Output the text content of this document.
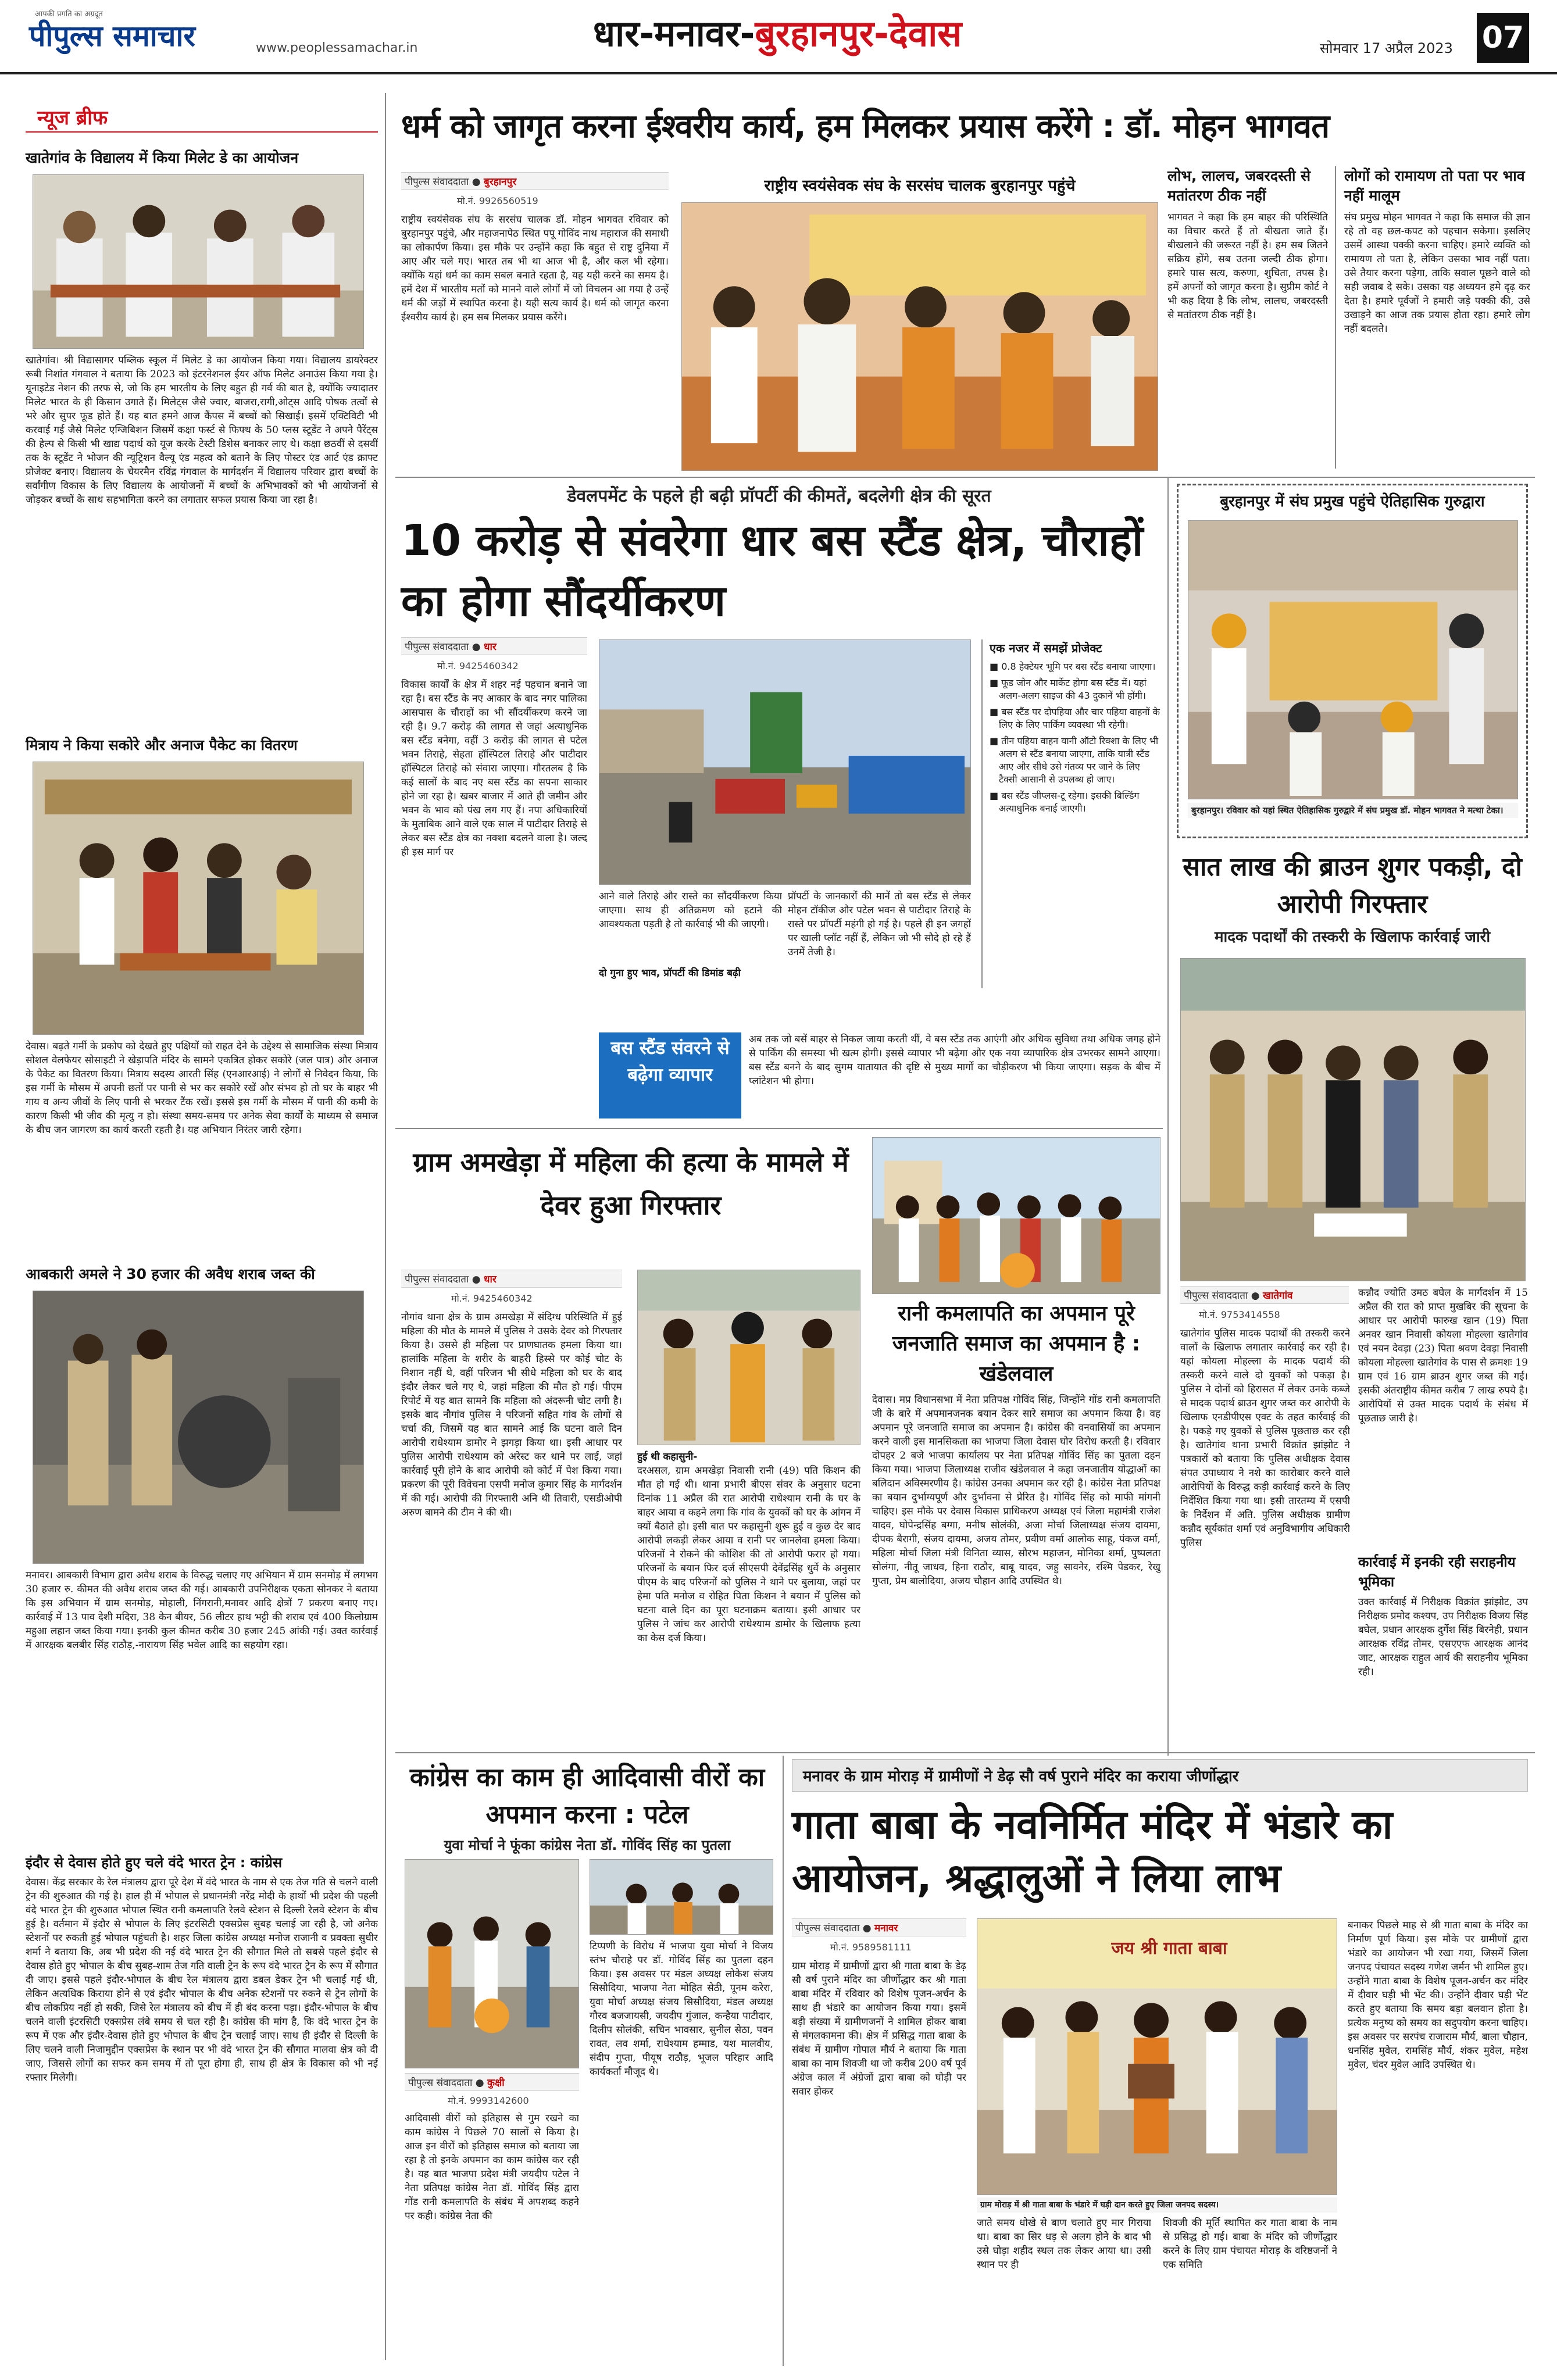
आपकी प्रगति का अग्रदूत
पीपुल्स समाचार	www.peoplessamachar.in	धार-मनावर-बुरहानपुर-देवास	सोमवार 17 अप्रैल 2023 07
न्यूज ब्रीफ
खातेगांव के विद्यालय में किया मिलेट डे का आयोजन
खातेगांव। श्री विद्यासागर पब्लिक स्कूल में मिलेट डे का आयोजन किया गया। विद्यालय डायरेक्टर रूबी निशांत गंगवाल ने बताया कि 2023 को इंटरनेशनल ईयर ऑफ मिलेट अनाउंस किया गया है। यूनाइटेड नेशन की तरफ से, जो कि हम भारतीय के लिए बहुत ही गर्व की बात है, क्योंकि ज्यादातर मिलेट भारत के ही किसान उगाते हैं। मिलेट्स जैसे ज्वार, बाजरा,रागी,ओट्स आदि पोषक तत्वों से भरे और सुपर फूड होते हैं। यह बात हमने आज कैंपस में बच्चों को सिखाई। इसमें एक्टिविटी भी करवाई गई जैसे मिलेट एग्जिबिशन जिसमें कक्षा फर्स्ट से फिफ्थ के 50 प्लस स्टूडेंट ने अपने पैरेंट्स की हेल्प से किसी भी खाद्य पदार्थ को यूज करके टेस्टी डिशेस बनाकर लाए थे। कक्षा छठवीं से दसवीं तक के स्टूडेंट ने भोजन की न्यूट्रिशन वैल्यू एंड महत्व को बताने के लिए पोस्टर एंड आर्ट एंड क्राफ्ट प्रोजेक्ट बनाए। विद्यालय के चेयरमैन रविंद्र गंगवाल के मार्गदर्शन में विद्यालय परिवार द्वारा बच्चों के सर्वांगीण विकास के लिए विद्यालय के आयोजनों में बच्चों के अभिभावकों को भी आयोजनों से जोड़कर बच्चों के साथ सहभागिता करने का लगातार सफल प्रयास किया जा रहा है।
मित्राय ने किया सकोरे और अनाज पैकेट का वितरण
देवास। बढ़ते गर्मी के प्रकोप को देखते हुए पक्षियों को राहत देने के उद्देश्य से सामाजिक संस्था मित्राय सोशल वेलफेयर सोसाइटी ने खेड़ापति मंदिर के सामने एकत्रित होकर सकोरे (जल पात्र) और अनाज के पैकेट का वितरण किया। मित्राय सदस्य आरती सिंह (एनआरआई) ने लोगों से निवेदन किया, कि इस गर्मी के मौसम में अपनी छतों पर पानी से भर कर सकोरे रखें और संभव हो तो घर के बाहर भी गाय व अन्य जीवों के लिए पानी से भरकर टैंक रखें। इससे इस गर्मी के मौसम में पानी की कमी के कारण किसी भी जीव की मृत्यु न हो। संस्था समय-समय पर अनेक सेवा कार्यों के माध्यम से समाज के बीच जन जागरण का कार्य करती रहती है। यह अभियान निरंतर जारी रहेगा।
आबकारी अमले ने 30 हजार की अवैध शराब जब्त की
मनावर। आबकारी विभाग द्वारा अवैध शराब के विरुद्ध चलाए गए अभियान में ग्राम सनमोड़ में लगभग 30 हजार रु. कीमत की अवैध शराब जब्त की गई। आबकारी उपनिरीक्षक एकता सोनकर ने बताया कि इस अभियान में ग्राम सनमोड़, मोहाली, निंगरानी,मनावर आदि क्षेत्रों 7 प्रकरण बनाए गए। कार्रवाई में 13 पाव देशी मदिरा, 38 केन बीयर, 56 लीटर हाथ भट्टी की शराब एवं 400 किलोग्राम महुआ लहान जब्त किया गया। इनकी कुल कीमत करीब 30 हजार 245 आंकी गई। उक्त कार्रवाई में आरक्षक बलबीर सिंह राठौड़,-नारायण सिंह भवेल आदि का सहयोग रहा।
इंदौर से देवास होते हुए चले वंदे भारत ट्रेन : कांग्रेस
देवास। केंद्र सरकार के रेल मंत्रालय द्वारा पूरे देश में वंदे भारत के नाम से एक तेज गति से चलने वाली ट्रेन की शुरुआत की गई है। हाल ही में भोपाल से प्रधानमंत्री नरेंद्र मोदी के हाथों भी प्रदेश की पहली वंदे भारत ट्रेन की शुरुआत भोपाल स्थित रानी कमलापति रेलवे स्टेशन से दिल्ली रेलवे स्टेशन के बीच हुई है। वर्तमान में इंदौर से भोपाल के लिए इंटरसिटी एक्सप्रेस सुबह चलाई जा रही है, जो अनेक स्टेशनों पर रुकती हुई भोपाल पहुंचती है। शहर जिला कांग्रेस अध्यक्ष मनोज राजानी व प्रवक्ता सुधीर शर्मा ने बताया कि, अब भी प्रदेश की नई वंदे भारत ट्रेन की सौगात मिले तो सबसे पहले इंदौर से देवास होते हुए भोपाल के बीच सुबह-शाम तेज गति वाली ट्रेन के रूप वंदे भारत ट्रेन के रूप में सौगात दी जाए। इससे पहले इंदौर-भोपाल के बीच रेल मंत्रालय द्वारा डबल डेकर ट्रेन भी चलाई गई थी, लेकिन अत्यधिक किराया होने से एवं इंदौर भोपाल के बीच अनेक स्टेशनों पर रुकने से ट्रेन लोगों के बीच लोकप्रिय नहीं हो सकी, जिसे रेल मंत्रालय को बीच में ही बंद करना पड़ा। इंदौर-भोपाल के बीच चलने वाली इंटरसिटी एक्सप्रेस लंबे समय से चल रही है। कांग्रेस की मांग है, कि वंदे भारत ट्रेन के रूप में एक और इंदौर-देवास होते हुए भोपाल के बीच ट्रेन चलाई जाए। साथ ही इंदौर से दिल्ली के लिए चलने वाली निजामुद्दीन एक्सप्रेस के स्थान पर भी वंदे भारत ट्रेन की सौगात मालवा क्षेत्र को दी जाए, जिससे लोगों का सफर कम समय में तो पूरा होगा ही, साथ ही क्षेत्र के विकास को भी नई रफ्तार मिलेगी।
धर्म को जागृत करना ईश्वरीय कार्य, हम मिलकर प्रयास करेंगे : डॉ. मोहन भागवत
पीपुल्स संवाददाता ● बुरहानपुर
मो.नं. 9926560519
राष्ट्रीय स्वयंसेवक संघ के सरसंघ चालक डॉ. मोहन भागवत रविवार को बुरहानपुर पहुंचे, और महाजनापेठ स्थित पपू गोविंद नाथ महाराज की समाधी का लोकार्पण किया। इस मौके पर उन्होंने कहा कि बहुत से राष्ट्र दुनिया में आए और चले गए। भारत तब भी था आज भी है, और कल भी रहेगा। क्योंकि यहां धर्म का काम सबल बनाते रहता है, यह यही करने का समय है। हमें देश में भारतीय मतों को मानने वाले लोगों में जो विचलन आ गया है उन्हें धर्म की जड़ों में स्थापित करना है। यही सत्य कार्य है। धर्म को जागृत करना ईश्वरीय कार्य है। हम सब मिलकर प्रयास करेंगे।
राष्ट्रीय स्वयंसेवक संघ के सरसंघ चालक बुरहानपुर पहुंचे
लोभ, लालच, जबरदस्ती से मतांतरण ठीक नहीं
भागवत ने कहा कि हम बाहर की परिस्थिति का विचार करते हैं तो बीखता जाते हैं। बीखलाने की जरूरत नहीं है। हम सब जितने सक्रिय होंगे, सब उतना जल्दी ठीक होगा। हमारे पास सत्य, करुणा, शुचिता, तपस है। हमें अपनों को जागृत करना है। सुप्रीम कोर्ट ने भी कह दिया है कि लोभ, लालच, जबरदस्ती से मतांतरण ठीक नहीं है।
लोगों को रामायण तो पता पर भाव नहीं मालूम
संघ प्रमुख मोहन भागवत ने कहा कि समाज की ज्ञान रहे तो वह छल-कपट को पहचान सकेगा। इसलिए उसमें आस्था पक्की करना चाहिए। हमारे व्यक्ति को रामायण तो पता है, लेकिन उसका भाव नहीं पता। उसे तैयार करना पड़ेगा, ताकि सवाल पूछने वाले को सही जवाब दे सके। उसका यह अध्ययन हमे दृढ़ कर देता है। हमारे पूर्वजों ने हमारी जड़े पक्की की, उसे उखाड़ने का आज तक प्रयास होता रहा। हमारे लोग नहीं बदलते।
डेवलपमेंट के पहले ही बढ़ी प्रॉपर्टी की कीमतें, बदलेगी क्षेत्र की सूरत
10 करोड़ से संवरेगा धार बस स्टैंड क्षेत्र, चौराहों का होगा सौंदर्यीकरण
पीपुल्स संवाददाता ● धार
मो.नं. 9425460342
विकास कार्यों के क्षेत्र में शहर नई पहचान बनाने जा रहा है। बस स्टैंड के नए आकार के बाद नगर पालिका आसपास के चौराहों का भी सौंदर्यीकरण करने जा रही है। 9.7 करोड़ की लागत से जहां अत्याधुनिक बस स्टैंड बनेगा, वहीं 3 करोड़ की लागत से पटेल भवन तिराहे, सेहता हॉस्पिटल तिराहे और पाटीदार हॉस्पिटल तिराहे को संवारा जाएगा। गौरतलब है कि कई सालों के बाद नए बस स्टैंड का सपना साकार होने जा रहा है। खबर बाजार में आते ही जमीन और भवन के भाव को पंख लग गए हैं। नपा अधिकारियों के मुताबिक आने वाले एक साल में पाटीदार तिराहे से लेकर बस स्टैंड क्षेत्र का नक्शा बदलने वाला है। जल्द ही इस मार्ग पर
आने वाले तिराहे और रास्ते का सौंदर्यीकरण किया जाएगा। साथ ही अतिक्रमण को हटाने की आवश्यकता पड़ती है तो कार्रवाई भी की जाएगी।
दो गुना हुए भाव, प्रॉपर्टी की डिमांड बढ़ी
प्रॉपर्टी के जानकारों की मानें तो बस स्टैंड से लेकर मोहन टॉकीज और पटेल भवन से पाटीदार तिराहे के रास्ते पर प्रॉपर्टी महंगी हो गई है। पहले ही इन जगहों पर खाली प्लॉट नहीं हैं, लेकिन जो भी सौदे हो रहे हैं उनमें तेजी है।
एक नजर में समझें प्रोजेक्ट
■ 0.8 हेक्टेयर भूमि पर बस स्टैंड बनाया जाएगा।
■ फूड जोन और मार्केट होगा बस स्टैंड में। यहां अलग-अलग साइज की 43 दुकानें भी होंगी।
■ बस स्टैंड पर दोपहिया और चार पहिया वाहनों के लिए के लिए पार्किंग व्यवस्था भी रहेगी।
■ तीन पहिया वाहन यानी ऑटो रिक्शा के लिए भी अलग से स्टैंड बनाया जाएगा, ताकि यात्री स्टैंड आए और सीधे उसे गंतव्य पर जाने के लिए टैक्सी आसानी से उपलब्ध हो जाए।
■ बस स्टैंड जीप्लस-टू रहेगा। इसकी बिल्डिंग अत्याधुनिक बनाई जाएगी।
बस स्टैंड संवरने से बढ़ेगा व्यापार
अब तक जो बसें बाहर से निकल जाया करती थीं, वे बस स्टैंड तक आएंगी और अधिक सुविधा तथा अधिक जगह होने से पार्किंग की समस्या भी खत्म होगी। इससे व्यापार भी बढ़ेगा और एक नया व्यापारिक क्षेत्र उभरकर सामने आएगा। बस स्टैंड बनने के बाद सुगम यातायात की दृष्टि से मुख्य मार्गों का चौड़ीकरण भी किया जाएगा। सड़क के बीच में प्लांटेशन भी होगा।
बुरहानपुर में संघ प्रमुख पहुंचे ऐतिहासिक गुरुद्वारा
बुरहानपुर। रविवार को यहां स्थित ऐतिहासिक गुरुद्वारे में संघ प्रमुख डॉ. मोहन भागवत ने मत्था टेका।
सात लाख की ब्राउन शुगर पकड़ी, दो आरोपी गिरफ्तार
मादक पदार्थों की तस्करी के खिलाफ कार्रवाई जारी
पीपुल्स संवाददाता ● खातेगांव
मो.नं. 9753414558
खातेगांव पुलिस मादक पदार्थों की तस्करी करने वालों के खिलाफ लगातार कार्रवाई कर रही है। यहां कोयला मोहल्ला के मादक पदार्थ की तस्करी करने वाले दो युवकों को पकड़ा है। पुलिस ने दोनों को हिरासत में लेकर उनके कब्जे से मादक पदार्थ ब्राउन शुगर जब्त कर आरोपी के खिलाफ एनडीपीएस एक्ट के तहत कार्रवाई की है। पकड़े गए युवकों से पुलिस पूछताछ कर रही है। खातेगांव थाना प्रभारी विक्रांत झांझोट ने पत्रकारों को बताया कि पुलिस अधीक्षक देवास संपत उपाध्याय ने नशे का कारोबार करने वाले आरोपियों के विरुद्ध कड़ी कार्रवाई करने के लिए निर्देशित किया गया था। इसी तारतम्य में एसपी के निर्देशन में अति. पुलिस अधीक्षक ग्रामीण कन्नौद सूर्यकांत शर्मा एवं अनुविभागीय अधिकारी पुलिस
कन्नौद ज्योति उमठ बघेल के मार्गदर्शन में 15 अप्रैल की रात को प्राप्त मुखबिर की सूचना के आधार पर आरोपी फारुख खान (19) पिता अनवर खान निवासी कोयला मोहल्ला खातेगांव एवं नयन देवड़ा (23) पिता श्रवण देवड़ा निवासी कोयला मोहल्ला खातेगांव के पास से क्रमशः 19 ग्राम एवं 16 ग्राम ब्राउन शुगर जब्त की गई। इसकी अंतराष्ट्रीय कीमत करीब 7 लाख रुपये है। आरोपियों से उक्त मादक पदार्थ के संबंध में पूछताछ जारी है।
कार्रवाई में इनकी रही सराहनीय भूमिका
उक्त कार्रवाई में निरीक्षक विक्रांत झांझोट, उप निरीक्षक प्रमोद कश्यप, उप निरीक्षक विजय सिंह बघेल, प्रधान आरक्षक दुर्गेश सिंह बिरनेही, प्रधान आरक्षक रविंद्र तोमर, एसएएफ आरक्षक आनंद जाट, आरक्षक राहुल आर्य की सराहनीय भूमिका रही।
ग्राम अमखेड़ा में महिला की हत्या के मामले में देवर हुआ गिरफ्तार
पीपुल्स संवाददाता ● धार
मो.नं. 9425460342
नौगांव थाना क्षेत्र के ग्राम अमखेड़ा में संदिग्ध परिस्थिति में हुई महिला की मौत के मामले में पुलिस ने उसके देवर को गिरफ्तार किया है। उससे ही महिला पर प्राणघातक हमला किया था। हालांकि महिला के शरीर के बाहरी हिस्से पर कोई चोट के निशान नहीं थे, वहीं परिजन भी सीधे महिला को घर के बाद इंदौर लेकर चले गए थे, जहां महिला की मौत हो गई। पीएम रिपोर्ट में यह बात सामने कि महिला को अंदरूनी चोट लगी है। इसके बाद नौगांव पुलिस ने परिजनों सहित गांव के लोगों से चर्चा की, जिसमें यह बात सामने आई कि घटना वाले दिन आरोपी राधेश्याम डामोर ने झगड़ा किया था। इसी आधार पर पुलिस आरोपी राधेश्याम को अरेस्ट कर थाने पर लाई, जहां कार्रवाई पूरी होने के बाद आरोपी को कोर्ट में पेश किया गया। प्रकरण की पूरी विवेचना एसपी मनोज कुमार सिंह के मार्गदर्शन में की गई। आरोपी की गिरफ्तारी अनि थी तिवारी, एसडीओपी अरुण बामने की टीम ने की थी।
हुई थी कहासुनी-
दरअसल, ग्राम अमखेड़ा निवासी रानी (49) पति किशन की मौत हो गई थी। थाना प्रभारी बीएस संवर के अनुसार घटना दिनांक 11 अप्रैल की रात आरोपी राधेश्याम रानी के घर के बाहर आया व कहने लगा कि गांव के युवकों को घर के आंगन में क्यों बैठाते हो। इसी बात पर कहासुनी शुरू हुई व कुछ देर बाद आरोपी लकड़ी लेकर आया व रानी पर जानलेवा हमला किया। परिजनों ने रोकने की कोशिश की तो आरोपी फरार हो गया। परिजनों के बयान फिर दर्ज सीएसपी देवेंद्रसिंह धुर्वे के अनुसार पीएम के बाद परिजनों को पुलिस ने थाने पर बुलाया, जहां पर हेमा पति मनोज व रोहित पिता किशन ने बयान में पुलिस को घटना वाले दिन का पूरा घटनाक्रम बताया। इसी आधार पर पुलिस ने जांच कर आरोपी राधेश्याम डामोर के खिलाफ हत्या का केस दर्ज किया।
रानी कमलापति का अपमान पूरे जनजाति समाज का अपमान है : खंडेलवाल
देवास। मप्र विधानसभा में नेता प्रतिपक्ष गोविंद सिंह, जिन्होंने गोंड रानी कमलापति जी के बारे में अपमानजनक बयान देकर सारे समाज का अपमान किया है। वह अपमान पूरे जनजाति समाज का अपमान है। कांग्रेस की वनवासियों का अपमान करने वाली इस मानसिकता का भाजपा जिला देवास घोर विरोध करती है। रविवार दोपहर 2 बजे भाजपा कार्यालय पर नेता प्रतिपक्ष गोविंद सिंह का पुतला दहन किया गया। भाजपा जिलाध्यक्ष राजीव खंडेलवाल ने कहा जनजातीय योद्धाओं का बलिदान अविस्मरणीय है। कांग्रेस उनका अपमान कर रही है। कांग्रेस नेता प्रतिपक्ष का बयान दुर्भाग्यपूर्ण और दुर्भावना से प्रेरित है। गोविंद सिंह को माफी मांगनी चाहिए। इस मौके पर देवास विकास प्राधिकरण अध्यक्ष एवं जिला महामंत्री राजेश यादव, घोपेन्द्रसिंह बग्गा, मनीष सोलंकी, अजा मोर्चा जिलाध्यक्ष संजय दायमा, दीपक बैरागी, संजय दायमा, अजय तोमर, प्रवीण वर्मा आलोक साहू, पंकज वर्मा, महिला मोर्चा जिला मंत्री विनिता व्यास, सौरभ महाजन, मोनिका शर्मा, पुष्पलता सोलंगा, नीतू जाधव, हिना राठौर, बाबू यादव, जहु सावनेर, रश्मि पेडकर, रेखु गुप्ता, प्रेम बालोदिया, अजय चौहान आदि उपस्थित थे।
कांग्रेस का काम ही आदिवासी वीरों का अपमान करना : पटेल
युवा मोर्चा ने फूंका कांग्रेस नेता डॉ. गोविंद सिंह का पुतला
पीपुल्स संवाददाता ● कुक्षी
मो.नं. 9993142600
आदिवासी वीरों को इतिहास से गुम रखने का काम कांग्रेस ने पिछले 70 सालों से किया है। आज इन वीरों को इतिहास समाज को बताया जा रहा है तो इनके अपमान का काम कांग्रेस कर रही है। यह बात भाजपा प्रदेश मंत्री जयदीप पटेल ने नेता प्रतिपक्ष कांग्रेस नेता डॉ. गोविंद सिंह द्वारा गोंड रानी कमलापति के संबंध में अपशब्द कहने पर कही। कांग्रेस नेता की
टिप्पणी के विरोध में भाजपा युवा मोर्चा ने विजय स्तंभ चौराहे पर डॉ. गोविंद सिंह का पुतला दहन किया। इस अवसर पर मंडल अध्यक्ष लोकेश संजय सिसौदिया, भाजपा नेता मोहित सेठी, पूनम करेरा, युवा मोर्चा अध्यक्ष संजय सिसौदिया, मंडल अध्यक्ष गौरव बजजायसी, जयदीप गुंजाल, कन्हैया पाटीदार, दिलीप सोलंकी, सचिन भावसार, सुनील सेठा, पवन रावत, लव शर्मा, राधेश्याम हम्माड, यश मालवीय, संदीप गुप्ता, पीयूष राठौड़, भूजल परिहार आदि कार्यकर्ता मौजूद थे।
मनावर के ग्राम मोराड़ में ग्रामीणों ने डेढ़ सौ वर्ष पुराने मंदिर का कराया जीर्णोद्धार
गाता बाबा के नवनिर्मित मंदिर में भंडारे का आयोजन, श्रद्धालुओं ने लिया लाभ
पीपुल्स संवाददाता ● मनावर
मो.नं. 9589581111
ग्राम मोराड़ में ग्रामीणों द्वारा श्री गाता बाबा के डेढ़ सौ वर्ष पुराने मंदिर का जीर्णोद्धार कर श्री गाता बाबा मंदिर में रविवार को विशेष पूजन-अर्चन के साथ ही भंडारे का आयोजन किया गया। इसमें बड़ी संख्या में ग्रामीणजनों ने शामिल होकर बाबा से मंगलकामना की। क्षेत्र में प्रसिद्ध गाता बाबा के संबंध में ग्रामीण गोपाल मौर्य ने बताया कि गाता बाबा का नाम शिवजी था जो करीब 200 वर्ष पूर्व अंग्रेज काल में अंग्रेजों द्वारा बाबा को घोड़ी पर सवार होकर
जय श्री गाता बाबा
ग्राम मोराड़ में श्री गाता बाबा के भंडारे में घड़ी दान करते हुए जिला जनपद सदस्य।
जाते समय धोखे से बाण चलाते हुए मार गिराया था। बाबा का सिर धड़ से अलग होने के बाद भी उसे घोड़ा शहीद स्थल तक लेकर आया था। उसी स्थान पर ही
शिवजी की मूर्ति स्थापित कर गाता बाबा के नाम से प्रसिद्ध हो गई। बाबा के मंदिर को जीर्णोद्धार करने के लिए ग्राम पंचायत मोराड़ के वरिष्ठजनों ने एक समिति
बनाकर पिछले माह से श्री गाता बाबा के मंदिर का निर्माण पूर्ण किया। इस मौके पर ग्रामीणों द्वारा भंडारे का आयोजन भी रखा गया, जिसमें जिला जनपद पंचायत सदस्य गणेश जर्मन भी शामिल हुए। उन्होंने गाता बाबा के विशेष पूजन-अर्चन कर मंदिर में दीवार घड़ी भी भेंट की। उन्होंने दीवार घड़ी भेंट करते हुए बताया कि समय बड़ा बलवान होता है। प्रत्येक मनुष्य को समय का सदुपयोग करना चाहिए। इस अवसर पर सरपंच राजाराम मौर्य, बाला चौहान, धनसिंह मुवेल, रामसिंह मौर्य, शंकर मुवेल, महेश मुवेल, चंदर मुवेल आदि उपस्थित थे।
